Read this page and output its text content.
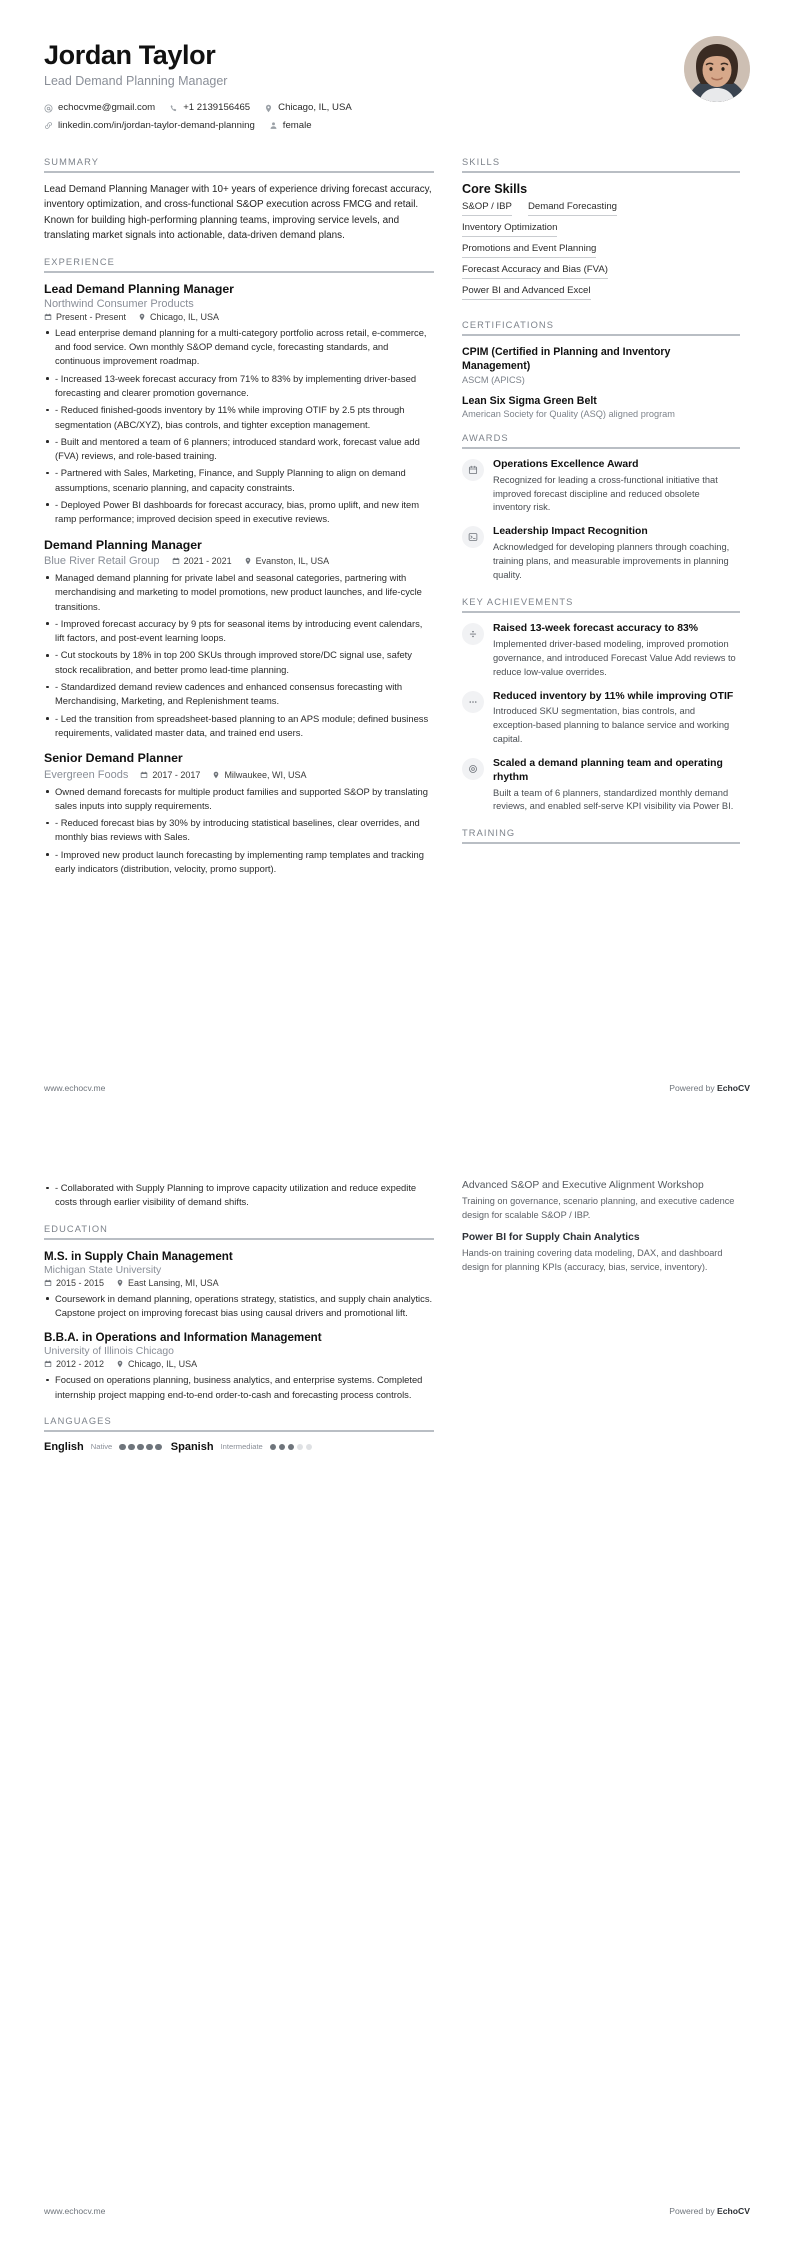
Jordan Taylor
Lead Demand Planning Manager
echocvme@gmail.com	+1 2139156465	Chicago, IL, USA
linkedin.com/in/jordan-taylor-demand-planning	female
SUMMARY
Lead Demand Planning Manager with 10+ years of experience driving forecast accuracy, inventory optimization, and cross-functional S&OP execution across FMCG and retail. Known for building high-performing planning teams, improving service levels, and translating market signals into actionable, data-driven demand plans.
EXPERIENCE
Lead Demand Planning Manager
Northwind Consumer Products
Present - Present	Chicago, IL, USA
Lead enterprise demand planning for a multi-category portfolio across retail, e-commerce, and food service. Own monthly S&OP demand cycle, forecasting standards, and continuous improvement roadmap.
- Increased 13-week forecast accuracy from 71% to 83% by implementing driver-based forecasting and clearer promotion governance.
- Reduced finished-goods inventory by 11% while improving OTIF by 2.5 pts through segmentation (ABC/XYZ), bias controls, and tighter exception management.
- Built and mentored a team of 6 planners; introduced standard work, forecast value add (FVA) reviews, and role-based training.
- Partnered with Sales, Marketing, Finance, and Supply Planning to align on demand assumptions, scenario planning, and capacity constraints.
- Deployed Power BI dashboards for forecast accuracy, bias, promo uplift, and new item ramp performance; improved decision speed in executive reviews.
Demand Planning Manager
Blue River Retail Group	2021 - 2021	Evanston, IL, USA
Managed demand planning for private label and seasonal categories, partnering with merchandising and marketing to model promotions, new product launches, and life-cycle transitions.
- Improved forecast accuracy by 9 pts for seasonal items by introducing event calendars, lift factors, and post-event learning loops.
- Cut stockouts by 18% in top 200 SKUs through improved store/DC signal use, safety stock recalibration, and better promo lead-time planning.
- Standardized demand review cadences and enhanced consensus forecasting with Merchandising, Marketing, and Replenishment teams.
- Led the transition from spreadsheet-based planning to an APS module; defined business requirements, validated master data, and trained end users.
Senior Demand Planner
Evergreen Foods	2017 - 2017	Milwaukee, WI, USA
Owned demand forecasts for multiple product families and supported S&OP by translating sales inputs into supply requirements.
- Reduced forecast bias by 30% by introducing statistical baselines, clear overrides, and monthly bias reviews with Sales.
- Improved new product launch forecasting by implementing ramp templates and tracking early indicators (distribution, velocity, promo support).
SKILLS
Core Skills
S&OP / IBP Demand Forecasting
Inventory Optimization
Promotions and Event Planning
Forecast Accuracy and Bias (FVA)
Power BI and Advanced Excel
CERTIFICATIONS
CPIM (Certified in Planning and Inventory Management)
ASCM (APICS)
Lean Six Sigma Green Belt
American Society for Quality (ASQ) aligned program
AWARDS
Operations Excellence Award
Recognized for leading a cross-functional initiative that improved forecast discipline and reduced obsolete inventory risk.
Leadership Impact Recognition
Acknowledged for developing planners through coaching, training plans, and measurable improvements in planning quality.
KEY ACHIEVEMENTS
Raised 13-week forecast accuracy to 83%
Implemented driver-based modeling, improved promotion governance, and introduced Forecast Value Add reviews to reduce low-value overrides.
Reduced inventory by 11% while improving OTIF
Introduced SKU segmentation, bias controls, and exception-based planning to balance service and working capital.
Scaled a demand planning team and operating rhythm
Built a team of 6 planners, standardized monthly demand reviews, and enabled self-serve KPI visibility via Power BI.
TRAINING
www.echocv.me	Powered by EchoCV
- Collaborated with Supply Planning to improve capacity utilization and reduce expedite costs through earlier visibility of demand shifts.
EDUCATION
M.S. in Supply Chain Management
Michigan State University
2015 - 2015	East Lansing, MI, USA
Coursework in demand planning, operations strategy, statistics, and supply chain analytics. Capstone project on improving forecast bias using causal drivers and promotional lift.
B.B.A. in Operations and Information Management
University of Illinois Chicago
2012 - 2012	Chicago, IL, USA
Focused on operations planning, business analytics, and enterprise systems. Completed internship project mapping end-to-end order-to-cash and forecasting process controls.
LANGUAGES
English Native	Spanish Intermediate
Advanced S&OP and Executive Alignment Workshop
Training on governance, scenario planning, and executive cadence design for scalable S&OP / IBP.
Power BI for Supply Chain Analytics
Hands-on training covering data modeling, DAX, and dashboard design for planning KPIs (accuracy, bias, service, inventory).
www.echocv.me	Powered by EchoCV
